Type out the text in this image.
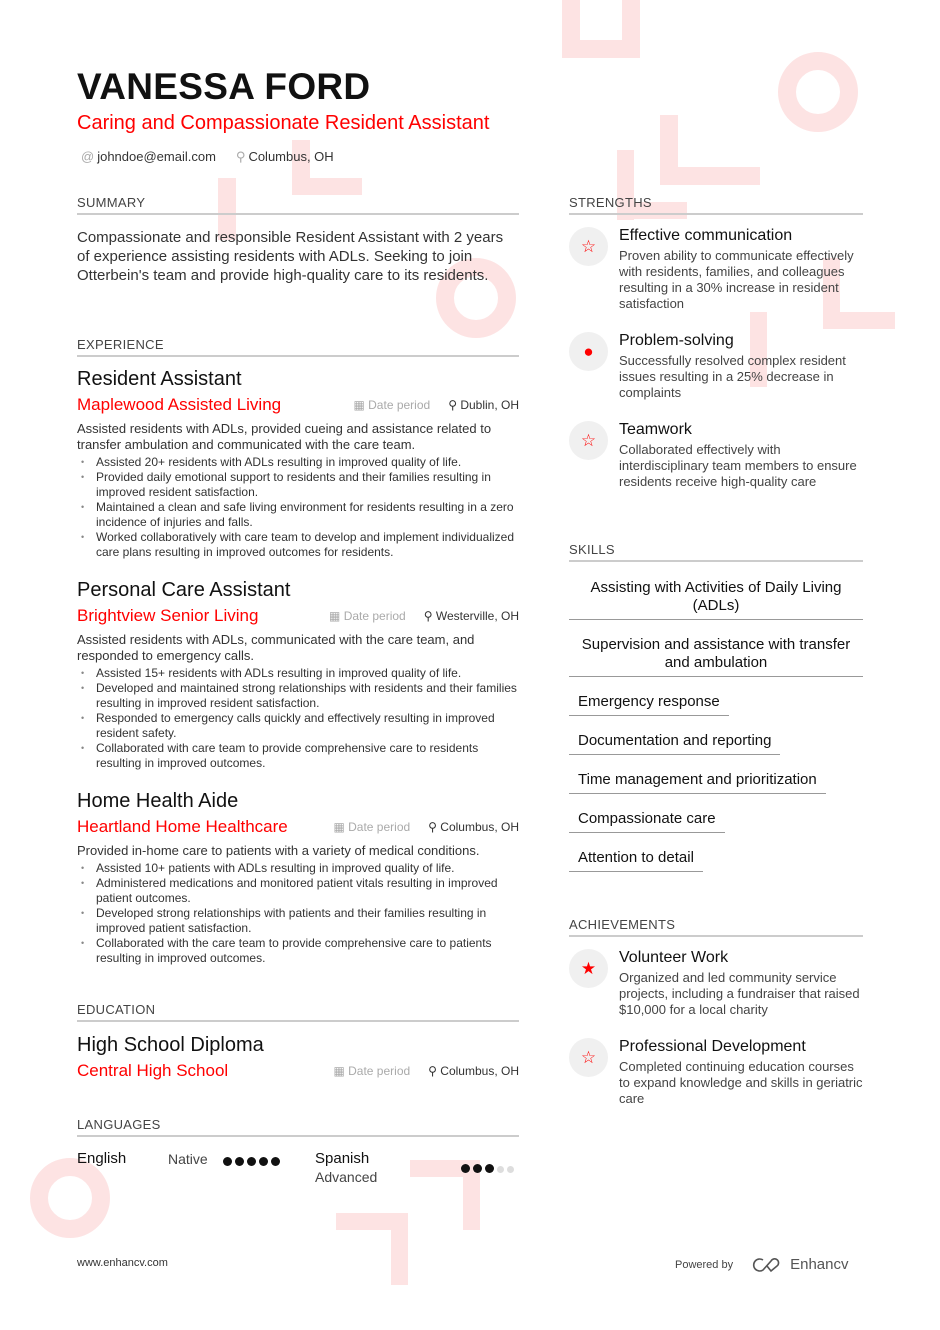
VANESSA FORD
Caring and Compassionate Resident Assistant
@ johndoe@email.com ⚲ Columbus, OH
SUMMARY
Compassionate and responsible Resident Assistant with 2 years of experience assisting residents with ADLs. Seeking to join Otterbein's team and provide high-quality care to its residents.
EXPERIENCE
Resident Assistant
Maplewood Assisted Living	▦ Date period ⚲ Dublin, OH

Assisted residents with ADLs, provided cueing and assistance related to transfer ambulation and communicated with the care team.

• Assisted 20+ residents with ADLs resulting in improved quality of life.
• Provided daily emotional support to residents and their families resulting in improved resident satisfaction.
• Maintained a clean and safe living environment for residents resulting in a zero incidence of injuries and falls.
• Worked collaboratively with care team to develop and implement individualized care plans resulting in improved outcomes for residents.
Personal Care Assistant
Brightview Senior Living	▦ Date period ⚲ Westerville, OH

Assisted residents with ADLs, communicated with the care team, and responded to emergency calls.

• Assisted 15+ residents with ADLs resulting in improved quality of life.
• Developed and maintained strong relationships with residents and their families resulting in improved resident satisfaction.
• Responded to emergency calls quickly and effectively resulting in improved resident safety.
• Collaborated with care team to provide comprehensive care to residents resulting in improved outcomes.
Home Health Aide
Heartland Home Healthcare	▦ Date period ⚲ Columbus, OH

Provided in-home care to patients with a variety of medical conditions.

• Assisted 10+ patients with ADLs resulting in improved quality of life.
• Administered medications and monitored patient vitals resulting in improved patient outcomes.
• Developed strong relationships with patients and their families resulting in improved patient satisfaction.
• Collaborated with the care team to provide comprehensive care to patients resulting in improved outcomes.
EDUCATION
High School Diploma
Central High School	▦ Date period ⚲ Columbus, OH
LANGUAGES
English	Native	Spanish
Advanced
STRENGTHS
☆
Effective communication

Proven ability to communicate effectively with residents, families, and colleagues resulting in a 30% increase in resident satisfaction

●
Problem-solving

Successfully resolved complex resident issues resulting in a 25% decrease in complaints

☆
Teamwork

Collaborated effectively with interdisciplinary team members to ensure residents receive high-quality care

SKILLS
Assisting with Activities of Daily Living (ADLs)
Supervision and assistance with transfer and ambulation
Emergency response
Documentation and reporting
Time management and prioritization
Compassionate care
Attention to detail
ACHIEVEMENTS
★
Volunteer Work

Organized and led community service projects, including a fundraiser that raised $10,000 for a local charity

☆
Professional Development

Completed continuing education courses to expand knowledge and skills in geriatric care

www.enhancv.com	Powered by	Enhancv
